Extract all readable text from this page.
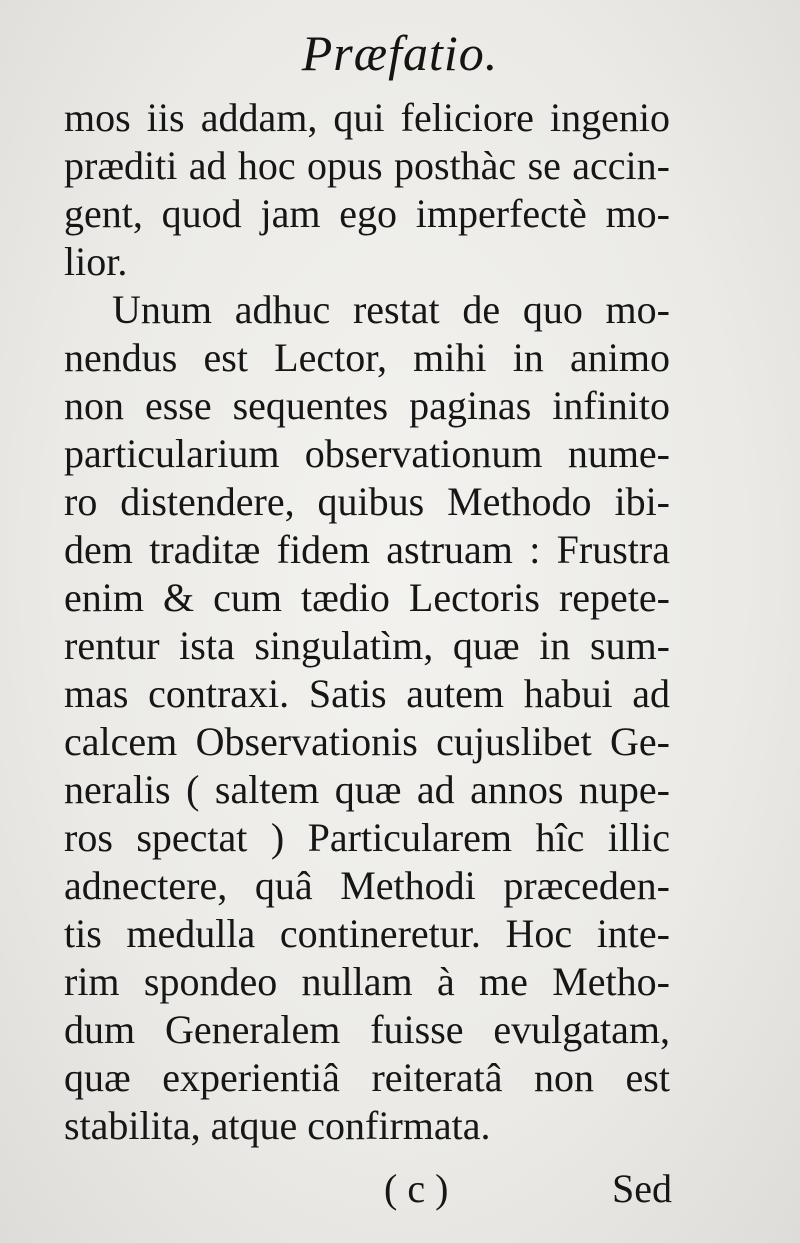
Præfatio.
mos iis addam, qui feliciore ingenio
præditi ad hoc opus posthàc se accin-
gent, quod jam ego imperfectè mo-
lior.
Unum adhuc restat de quo mo-
nendus est Lector, mihi in animo
non esse sequentes paginas infinito
particularium observationum nume-
ro distendere, quibus Methodo ibi-
dem traditæ fidem astruam : Frustra
enim & cum tædio Lectoris repete-
rentur ista singulatìm, quæ in sum-
mas contraxi. Satis autem habui ad
calcem Observationis cujuslibet Ge-
neralis ( saltem quæ ad annos nupe-
ros spectat ) Particularem hîc illic
adnectere, quâ Methodi præceden-
tis medulla contineretur. Hoc inte-
rim spondeo nullam à me Metho-
dum Generalem fuisse evulgatam,
quæ experientiâ reiteratâ non est
stabilita, atque confirmata.
( c )	Sed
